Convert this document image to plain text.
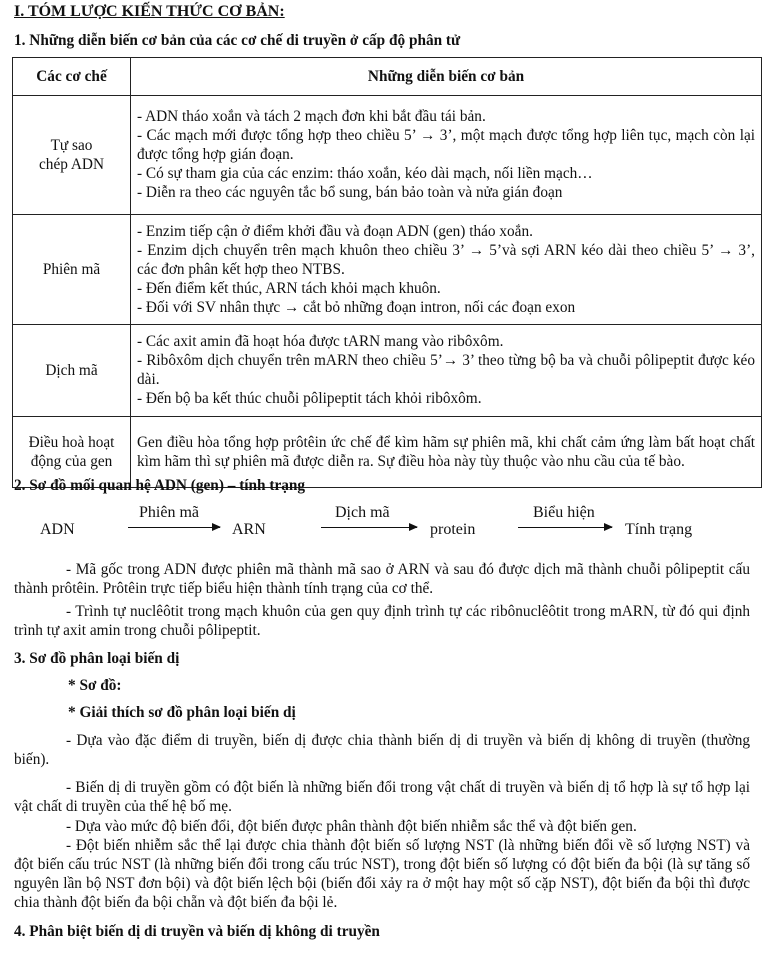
I. TÓM LƯỢC KIẾN THỨC CƠ BẢN:
1. Những diễn biến cơ bản của các cơ chế di truyền ở cấp độ phân tử
Các cơ chế	Những diễn biến cơ bản
Tự sao chép ADN	- ADN tháo xoắn và tách 2 mạch đơn khi bắt đầu tái bản.
- Các mạch mới được tổng hợp theo chiều 5’ → 3’, một mạch được tổng hợp liên tục, mạch còn lại được tổng hợp gián đoạn.
- Có sự tham gia của các enzim: tháo xoắn, kéo dài mạch, nối liền mạch…
- Diễn ra theo các nguyên tắc bổ sung, bán bảo toàn và nửa gián đoạn

Phiên mã	- Enzim tiếp cận ở điểm khởi đầu và đoạn ADN (gen) tháo xoắn.
- Enzim dịch chuyển trên mạch khuôn theo chiều 3’ → 5’và sợi ARN kéo dài theo chiều 5’ → 3’, các đơn phân kết hợp theo NTBS.
- Đến điểm kết thúc, ARN tách khỏi mạch khuôn.
- Đối với SV nhân thực → cắt bỏ những đoạn intron, nối các đoạn exon

Dịch mã	- Các axit amin đã hoạt hóa được tARN mang vào ribôxôm.
- Ribôxôm dịch chuyển trên mARN theo chiều 5’→ 3’ theo từng bộ ba và chuỗi pôlipeptit được kéo dài.
- Đến bộ ba kết thúc chuỗi pôlipeptit tách khỏi ribôxôm.

Điều hoà hoạt động của gen	Gen điều hòa tổng hợp prôtêin ức chế để kìm hãm sự phiên mã, khi chất cảm ứng làm bất hoạt chất kìm hãm thì sự phiên mã được diễn ra. Sự điều hòa này tùy thuộc vào nhu cầu của tế bào.
2. Sơ đồ mối quan hệ ADN (gen) – tính trạng
ADN
Phiên mã
ARN
Dịch mã
protein
Biểu hiện
Tính trạng
- Mã gốc trong ADN được phiên mã thành mã sao ở ARN và sau đó được dịch mã thành chuỗi pôlipeptit cấu thành prôtêin. Prôtêin trực tiếp biểu hiện thành tính trạng của cơ thể.
- Trình tự nuclêôtit trong mạch khuôn của gen quy định trình tự các ribônuclêôtit trong mARN, từ đó qui định trình tự axit amin trong chuỗi pôlipeptit.
3. Sơ đồ phân loại biến dị
* Sơ đồ:
* Giải thích sơ đồ phân loại biến dị
- Dựa vào đặc điểm di truyền, biến dị được chia thành biến dị di truyền và biến dị không di truyền (thường biến).
- Biến dị di truyền gồm có đột biến là những biến đổi trong vật chất di truyền và biến dị tổ hợp là sự tổ hợp lại vật chất di truyền của thế hệ bố mẹ.
- Dựa vào mức độ biến đổi, đột biến được phân thành đột biến nhiễm sắc thể và đột biến gen.
- Đột biến nhiễm sắc thể lại được chia thành đột biến số lượng NST (là những biến đổi về số lượng NST) và đột biến cấu trúc NST (là những biến đổi trong cấu trúc NST), trong đột biến số lượng có đột biến đa bội (là sự tăng số nguyên lần bộ NST đơn bội) và đột biến lệch bội (biến đổi xảy ra ở một hay một số cặp NST), đột biến đa bội thì được chia thành đột biến đa bội chẵn và đột biến đa bội lẻ.
4. Phân biệt biến dị di truyền và biến dị không di truyền
